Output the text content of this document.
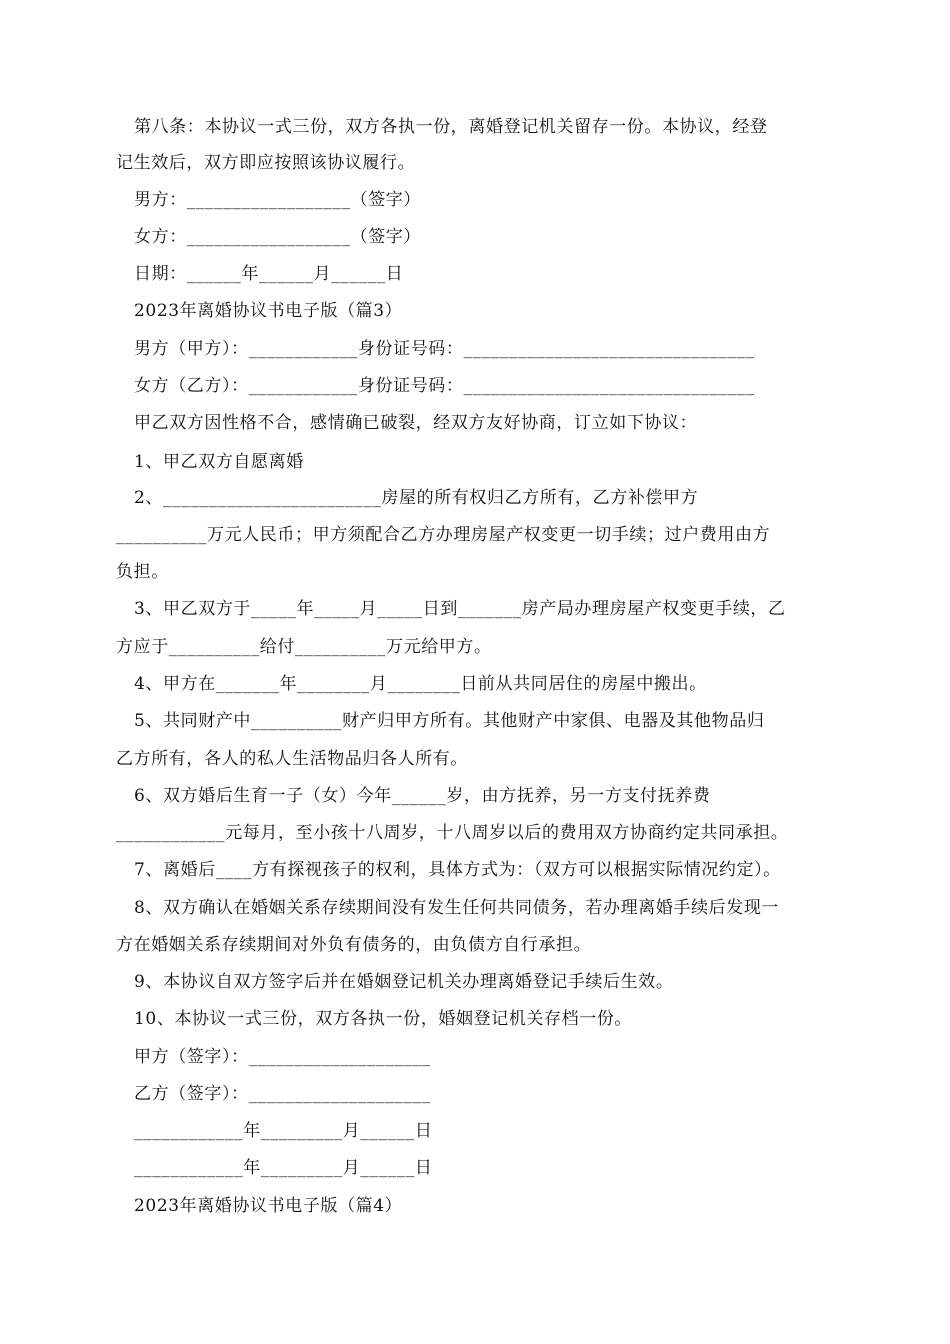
第八条：本协议一式三份，双方各执一份，离婚登记机关留存一份。本协议，经登
记生效后，双方即应按照该协议履行。
男方：__________________（签字）
女方：__________________（签字）
日期：______年______月______日
2023年离婚协议书电子版（篇3）
男方（甲方）：____________身份证号码：________________________________
女方（乙方）：____________身份证号码：________________________________
甲乙双方因性格不合，感情确已破裂，经双方友好协商，订立如下协议：
1、甲乙双方自愿离婚
2、________________________房屋的所有权归乙方所有，乙方补偿甲方
__________万元人民币；甲方须配合乙方办理房屋产权变更一切手续；过户费用由方
负担。
3、甲乙双方于_____年_____月_____日到_______房产局办理房屋产权变更手续，乙
方应于__________给付__________万元给甲方。
4、甲方在_______年________月________日前从共同居住的房屋中搬出。
5、共同财产中__________财产归甲方所有。其他财产中家俱、电器及其他物品归
乙方所有，各人的私人生活物品归各人所有。
6、双方婚后生育一子（女）今年______岁，由方抚养，另一方支付抚养费
____________元每月，至小孩十八周岁，十八周岁以后的费用双方协商约定共同承担。
7、离婚后____方有探视孩子的权利，具体方式为：（双方可以根据实际情况约定）。
8、双方确认在婚姻关系存续期间没有发生任何共同债务，若办理离婚手续后发现一
方在婚姻关系存续期间对外负有债务的，由负债方自行承担。
9、本协议自双方签字后并在婚姻登记机关办理离婚登记手续后生效。
10、本协议一式三份，双方各执一份，婚姻登记机关存档一份。
甲方（签字）：____________________
乙方（签字）：____________________
____________年_________月______日
____________年_________月______日
2023年离婚协议书电子版（篇4）
